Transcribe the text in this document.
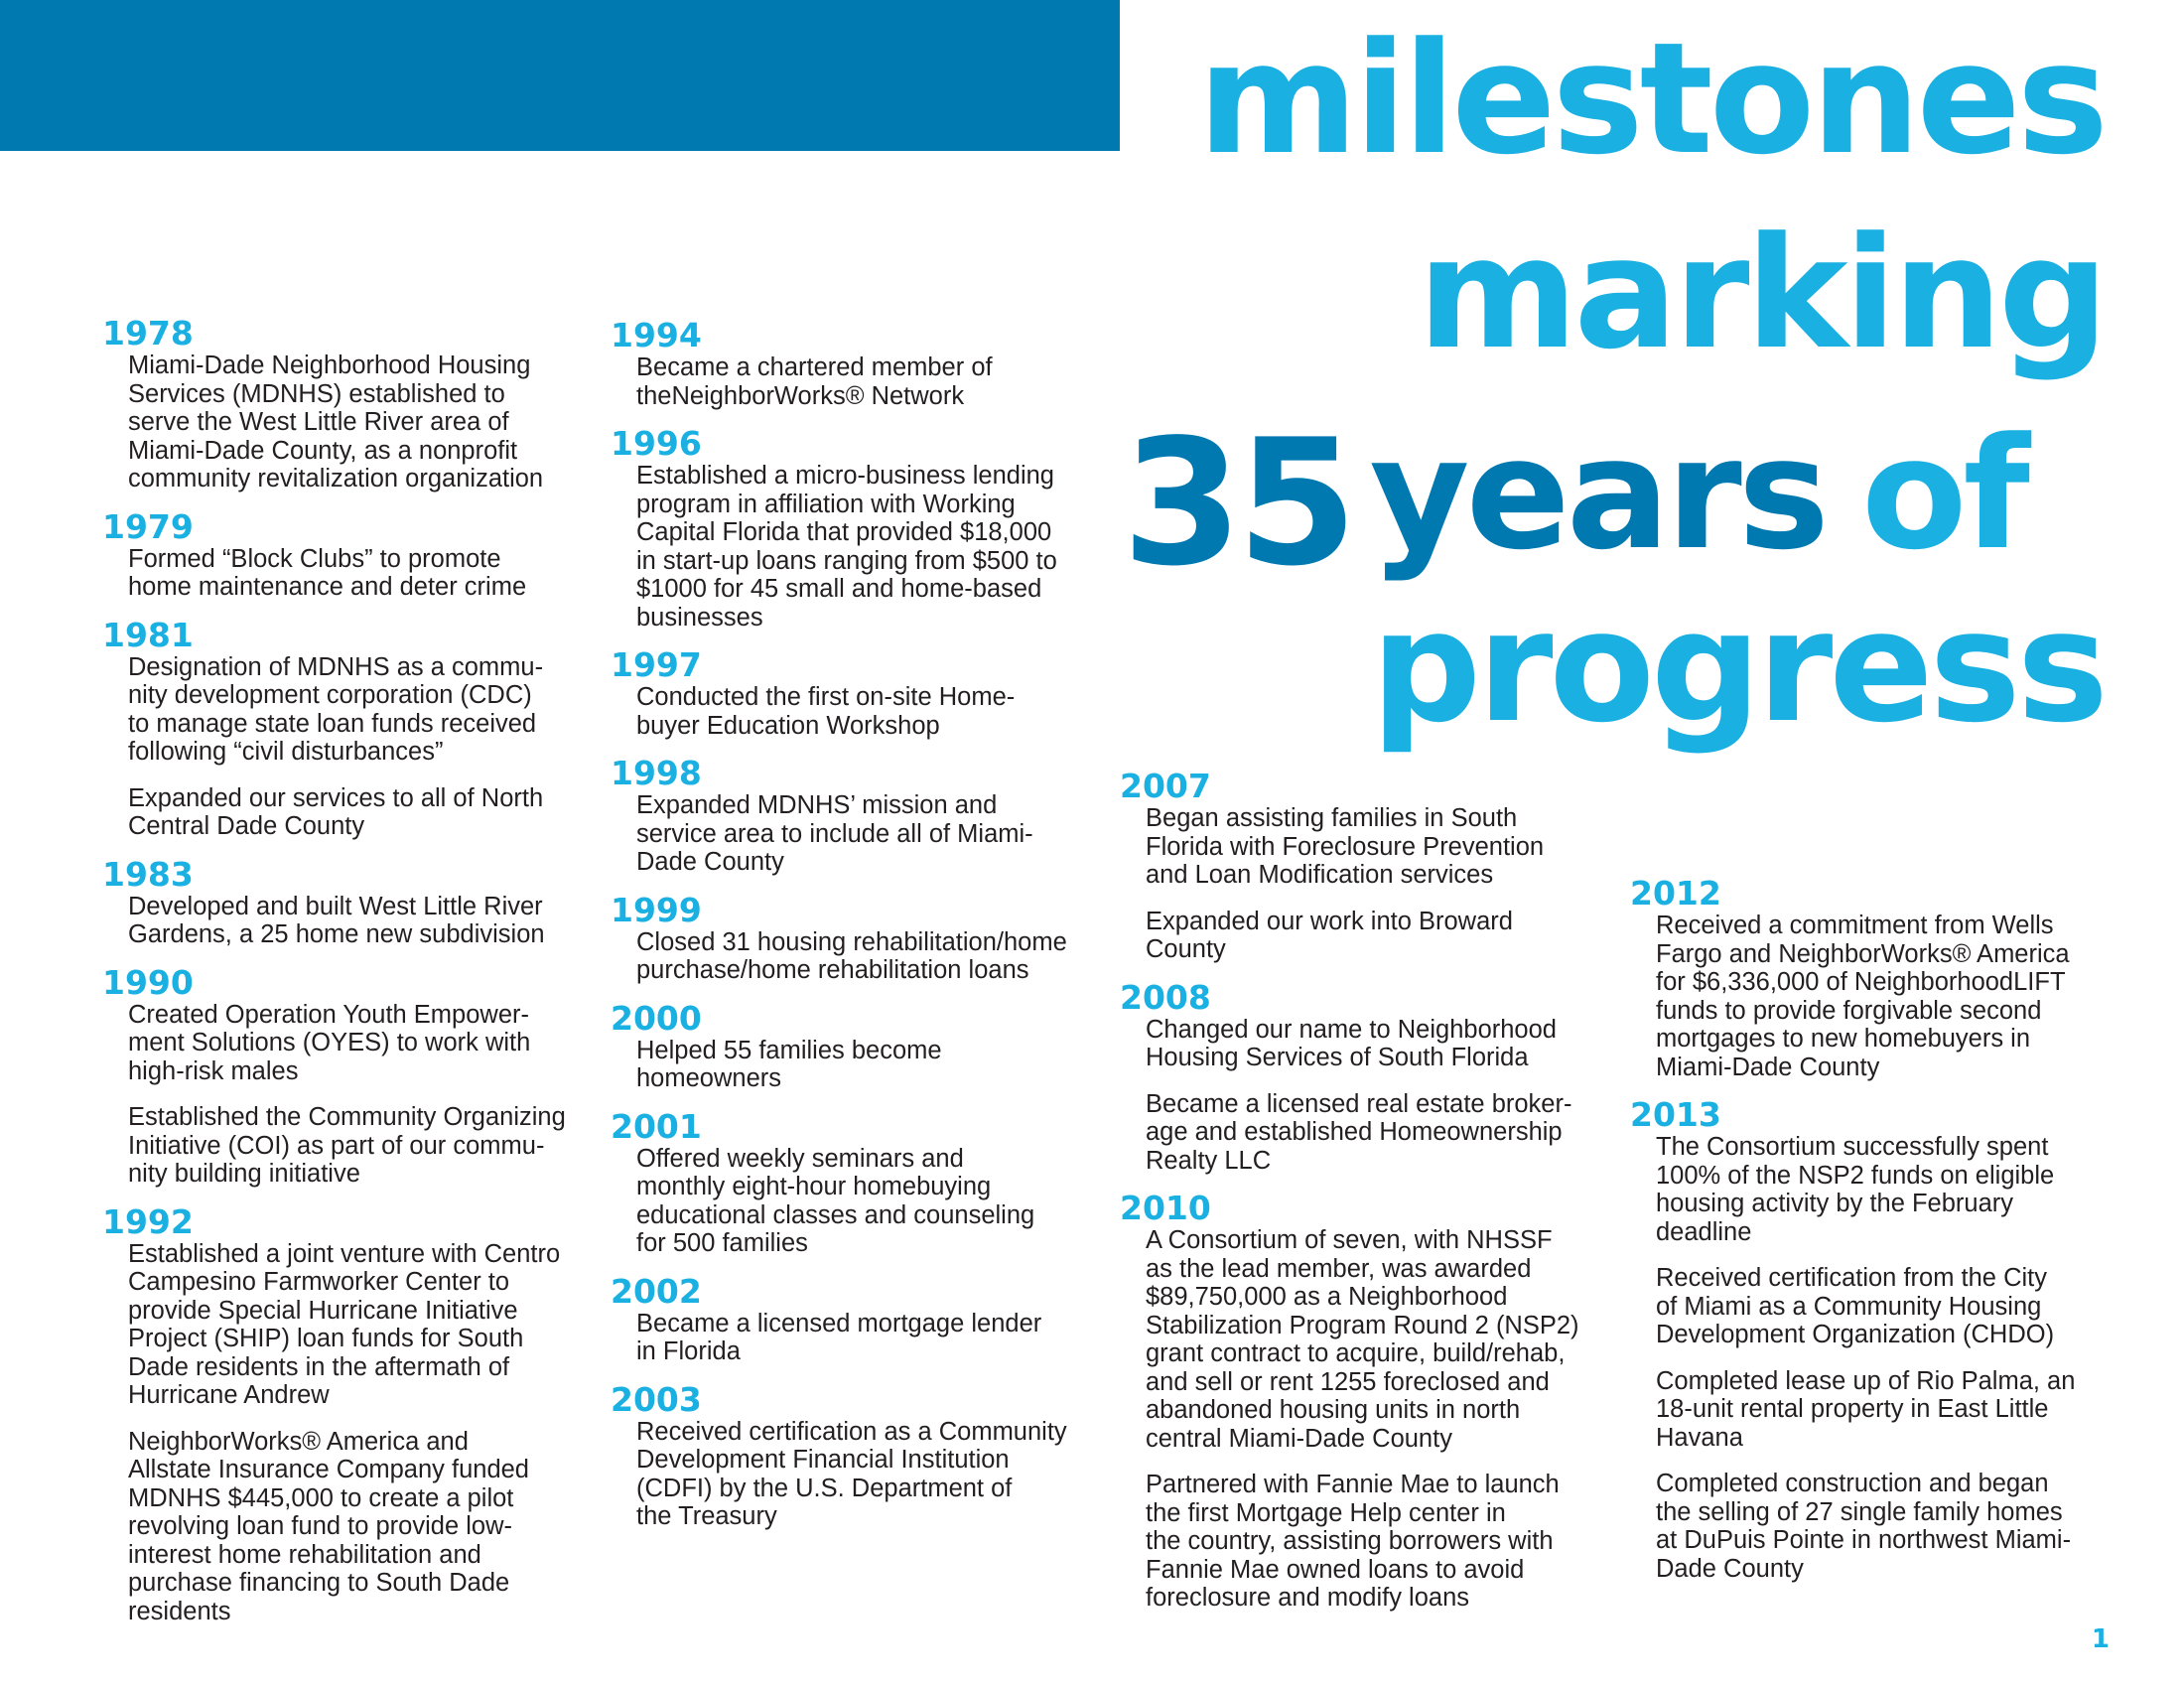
milestones
marking
35 years of
progress
1978
Miami-Dade Neighborhood Housing
Services (MDNHS) established to
serve the West Little River area of
Miami-Dade County, as a nonprofit
community revitalization organization
1979
Formed “Block Clubs” to promote
home maintenance and deter crime
1981
Designation of MDNHS as a commu-
nity development corporation (CDC)
to manage state loan funds received
following “civil disturbances”
Expanded our services to all of North
Central Dade County
1983
Developed and built West Little River
Gardens, a 25 home new subdivision
1990
Created Operation Youth Empower-
ment Solutions (OYES) to work with
high-risk males
Established the Community Organizing
Initiative (COI) as part of our commu-
nity building initiative
1992
Established a joint venture with Centro
Campesino Farmworker Center to
provide Special Hurricane Initiative
Project (SHIP) loan funds for South
Dade residents in the aftermath of
Hurricane Andrew
NeighborWorks® America and
Allstate Insurance Company funded
MDNHS $445,000 to create a pilot
revolving loan fund to provide low-
interest home rehabilitation and
purchase financing to South Dade
residents
1994
Became a chartered member of
theNeighborWorks® Network
1996
Established a micro-business lending
program in affiliation with Working
Capital Florida that provided $18,000
in start-up loans ranging from $500 to
$1000 for 45 small and home-based
businesses
1997
Conducted the first on-site Home-
buyer Education Workshop
1998
Expanded MDNHS’ mission and
service area to include all of Miami-
Dade County
1999
Closed 31 housing rehabilitation/home
purchase/home rehabilitation loans
2000
Helped 55 families become
homeowners
2001
Offered weekly seminars and
monthly eight-hour homebuying
educational classes and counseling
for 500 families
2002
Became a licensed mortgage lender
in Florida
2003
Received certification as a Community
Development Financial Institution
(CDFI) by the U.S. Department of
the Treasury
2007
Began assisting families in South
Florida with Foreclosure Prevention
and Loan Modification services
Expanded our work into Broward
County
2008
Changed our name to Neighborhood
Housing Services of South Florida
Became a licensed real estate broker-
age and established Homeownership
Realty LLC
2010
A Consortium of seven, with NHSSF
as the lead member, was awarded
$89,750,000 as a Neighborhood
Stabilization Program Round 2 (NSP2)
grant contract to acquire, build/rehab,
and sell or rent 1255 foreclosed and
abandoned housing units in north
central Miami-Dade County
Partnered with Fannie Mae to launch
the first Mortgage Help center in
the country, assisting borrowers with
Fannie Mae owned loans to avoid
foreclosure and modify loans
2012
Received a commitment from Wells
Fargo and NeighborWorks® America
for $6,336,000 of NeighborhoodLIFT
funds to provide forgivable second
mortgages to new homebuyers in
Miami-Dade County
2013
The Consortium successfully spent
100% of the NSP2 funds on eligible
housing activity by the February
deadline
Received certification from the City
of Miami as a Community Housing
Development Organization (CHDO)
Completed lease up of Rio Palma, an
18-unit rental property in East Little
Havana
Completed construction and began
the selling of 27 single family homes
at DuPuis Pointe in northwest Miami-
Dade County
1
